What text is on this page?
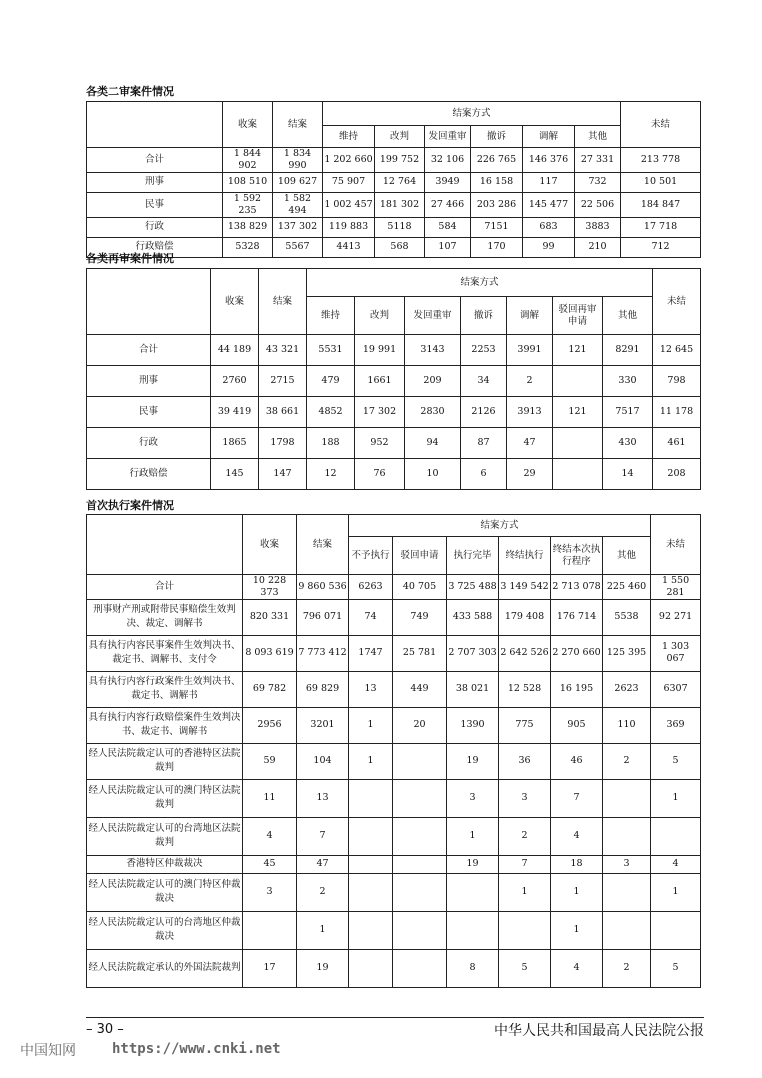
各类二审案件情况
	收案	结案	结案方式						未结
			维持	改判	发回重审	撤诉	调解	其他	
合计	1 844 902	1 834 990	1 202 660	199 752	32 106	226 765	146 376	27 331	213 778
刑事	108 510	109 627	75 907	12 764	3949	16 158	117	732	10 501
民事	1 592 235	1 582 494	1 002 457	181 302	27 466	203 286	145 477	22 506	184 847
行政	138 829	137 302	119 883	5118	584	7151	683	3883	17 718
行政赔偿	5328	5567	4413	568	107	170	99	210	712
各类再审案件情况
	收案	结案	结案方式							未结
			维持	改判	发回重审	撤诉	调解	驳回再审申请	其他	
合计	44 189	43 321	5531	19 991	3143	2253	3991	121	8291	12 645
刑事	2760	2715	479	1661	209	34	2		330	798
民事	39 419	38 661	4852	17 302	2830	2126	3913	121	7517	11 178
行政	1865	1798	188	952	94	87	47		430	461
行政赔偿	145	147	12	76	10	6	29		14	208
首次执行案件情况
	收案	结案	结案方式						未结
			不予执行	驳回申请	执行完毕	终结执行	终结本次执行程序	其他	
合计	10 228 373	9 860 536	6263	40 705	3 725 488	3 149 542	2 713 078	225 460	1 550 281
刑事财产刑或附带民事赔偿生效判决、裁定、调解书	820 331	796 071	74	749	433 588	179 408	176 714	5538	92 271
具有执行内容民事案件生效判决书、裁定书、调解书、支付令	8 093 619	7 773 412	1747	25 781	2 707 303	2 642 526	2 270 660	125 395	1 303 067
具有执行内容行政案件生效判决书、裁定书、调解书	69 782	69 829	13	449	38 021	12 528	16 195	2623	6307
具有执行内容行政赔偿案件生效判决书、裁定书、调解书	2956	3201	1	20	1390	775	905	110	369
经人民法院裁定认可的香港特区法院裁判	59	104	1		19	36	46	2	5
经人民法院裁定认可的澳门特区法院裁判	11	13			3	3	7		1
经人民法院裁定认可的台湾地区法院裁判	4	7			1	2	4		
香港特区仲裁裁决	45	47			19	7	18	3	4
经人民法院裁定认可的澳门特区仲裁裁决	3	2				1	1		1
经人民法院裁定认可的台湾地区仲裁裁决		1					1		
经人民法院裁定承认的外国法院裁判	17	19			8	5	4	2	5
– 30 –	中华人民共和国最高人民法院公报
中国知网	https://www.cnki.net
